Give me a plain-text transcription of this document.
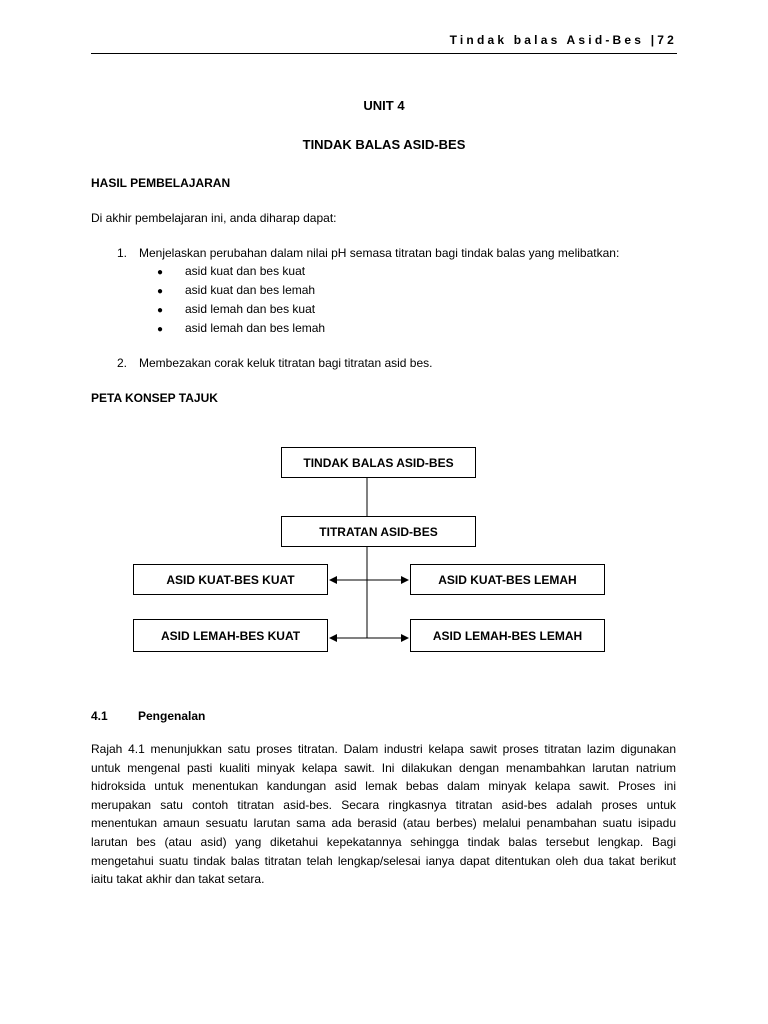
Tindak balas Asid-Bes |72
UNIT 4
TINDAK BALAS ASID-BES
HASIL PEMBELAJARAN
Di akhir pembelajaran ini, anda diharap dapat:
1. Menjelaskan perubahan dalam nilai pH semasa titratan bagi tindak balas yang melibatkan:
● asid kuat dan bes kuat
● asid kuat dan bes lemah
● asid lemah dan bes kuat
● asid lemah dan bes lemah
2. Membezakan corak keluk titratan bagi titratan asid bes.
PETA KONSEP TAJUK
TINDAK BALAS ASID-BES
TITRATAN ASID-BES
ASID KUAT-BES KUAT	ASID KUAT-BES LEMAH
ASID LEMAH-BES KUAT	ASID LEMAH-BES LEMAH
4.1	Pengenalan

Rajah 4.1 menunjukkan satu proses titratan. Dalam industri kelapa sawit proses titratan lazim digunakan untuk mengenal pasti kualiti minyak kelapa sawit. Ini dilakukan dengan menambahkan larutan natrium hidroksida untuk menentukan kandungan asid lemak bebas dalam minyak kelapa sawit. Proses ini merupakan satu contoh titratan asid-bes. Secara ringkasnya titratan asid-bes adalah proses untuk menentukan amaun sesuatu larutan sama ada berasid (atau berbes) melalui penambahan suatu isipadu larutan bes (atau asid) yang diketahui kepekatannya sehingga tindak balas tersebut lengkap. Bagi mengetahui suatu tindak balas titratan telah lengkap/selesai ianya dapat ditentukan oleh dua takat berikut iaitu takat akhir dan takat setara.
